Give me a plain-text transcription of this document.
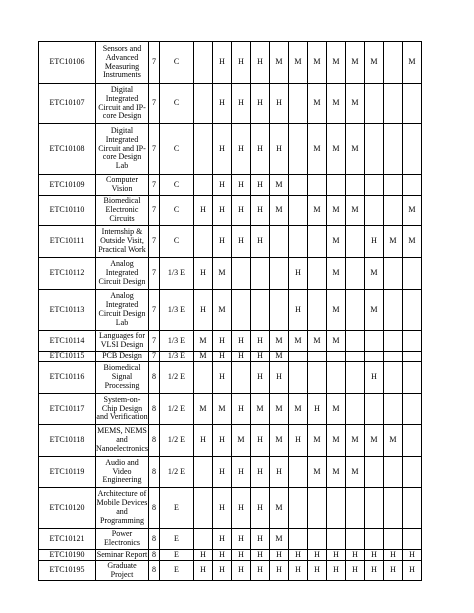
ETC10106	Sensors and Advanced Measuring Instruments	7	C		H	H	H	M	M	M	M	M	M		M
ETC10107	Digital Integrated Circuit and IP-core Design	7	C		H	H	H	H		M	M	M			
ETC10108	Digital Integrated Circuit and IP-core Design Lab	7	C		H	H	H	H		M	M	M			
ETC10109	Computer Vision	7	C		H	H	H	M							
ETC10110	Biomedical Electronic Circuits	7	C	H	H	H	H	M		M	M	M			M
ETC10111	Internship & Outside Visit, Practical Work	7	C		H	H	H				M		H	M	M
ETC10112	Analog Integrated Circuit Design	7	1/3 E	H	M				H		M		M		
ETC10113	Analog Integrated Circuit Design Lab	7	1/3 E	H	M				H		M		M		
ETC10114	Languages for VLSI Design	7	1/3 E	M	H	H	H	M	M	M	M				
ETC10115	PCB Design	7	1/3 E	M	H	H	H	M							
ETC10116	Biomedical Signal Processing	8	1/2 E		H		H	H					H		
ETC10117	System-on-Chip Design and Verification	8	1/2 E	M	M	H	M	M	M	H	M				
ETC10118	MEMS, NEMS and Nanoelectronics	8	1/2 E	H	H	M	H	M	H	M	M	M	M	M	
ETC10119	Audio and Video Engineering	8	1/2 E		H	H	H	H		M	M	M			
ETC10120	Architecture of Mobile Devices and Programming	8	E		H	H	H	M							
ETC10121	Power Electronics	8	E		H	H	H	M							
ETC10190	Seminar Report	8	E	H	H	H	H	H	H	H	H	H	H	H	H
ETC10195	Graduate Project	8	E	H	H	H	H	H	H	H	H	H	H	H	H
